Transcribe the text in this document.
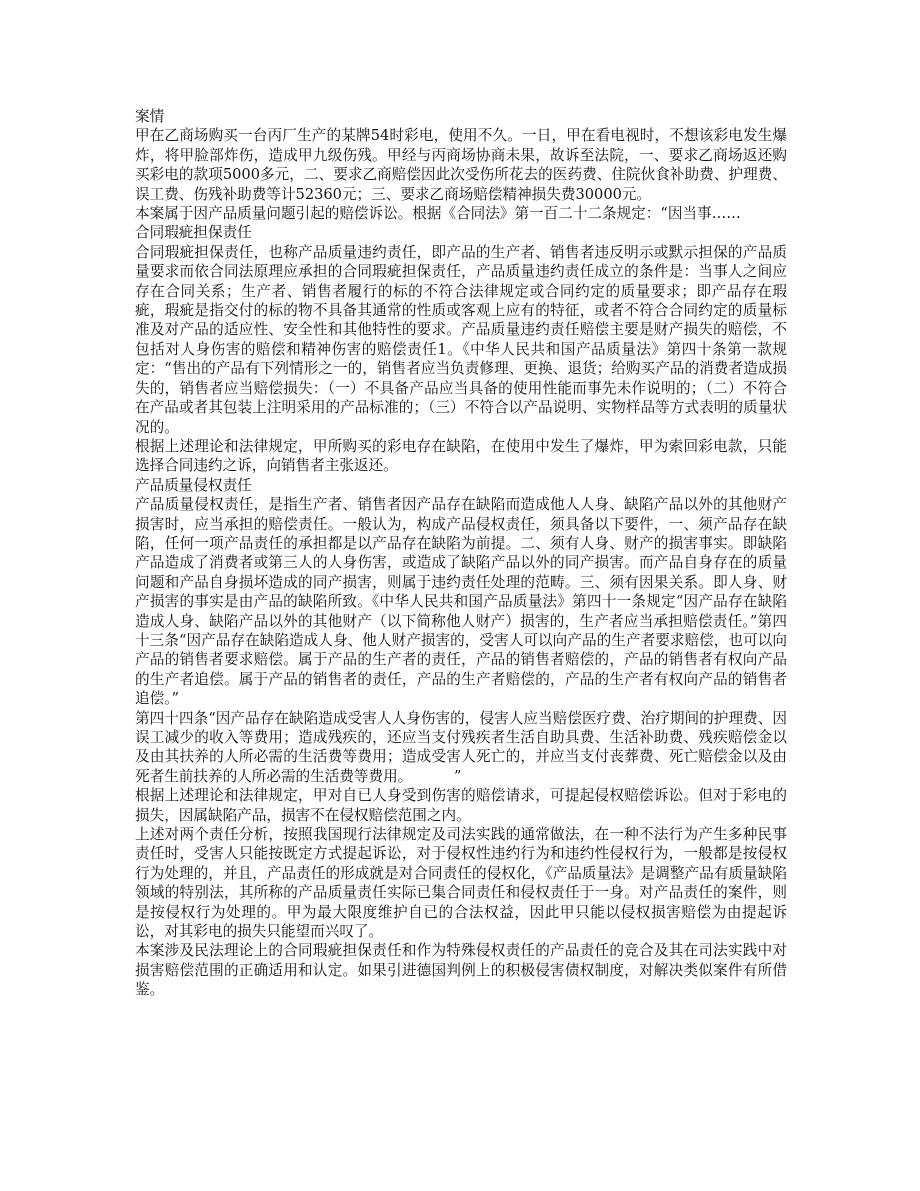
案情

甲在乙商场购买一台丙厂生产的某牌54时彩电，使用不久。一日，甲在看电视时，不想该彩电发生爆炸，将甲脸部炸伤，造成甲九级伤残。甲经与丙商场协商未果，故诉至法院，一、要求乙商场返还购买彩电的款项5000多元，二、要求乙商赔偿因此次受伤所花去的医药费、住院伙食补助费、护理费、误工费、伤残补助费等计52360元；三、要求乙商场赔偿精神损失费30000元。

本案属于因产品质量问题引起的赔偿诉讼。根据《合同法》第一百二十二条规定：“因当事……

合同瑕疵担保责任

合同瑕疵担保责任，也称产品质量违约责任，即产品的生产者、销售者违反明示或默示担保的产品质量要求而依合同法原理应承担的合同瑕疵担保责任，产品质量违约责任成立的条件是：当事人之间应存在合同关系；生产者、销售者履行的标的不符合法律规定或合同约定的质量要求；即产品存在瑕疵，瑕疵是指交付的标的物不具备其通常的性质或客观上应有的特征，或者不符合合同约定的质量标准及对产品的适应性、安全性和其他特性的要求。产品质量违约责任赔偿主要是财产损失的赔偿，不包括对人身伤害的赔偿和精神伤害的赔偿责任1。《中华人民共和国产品质量法》第四十条第一款规定：“售出的产品有下列情形之一的，销售者应当负责修理、更换、退货；给购买产品的消费者造成损失的，销售者应当赔偿损失：（一）不具备产品应当具备的使用性能而事先未作说明的；（二）不符合在产品或者其包装上注明采用的产品标准的；（三）不符合以产品说明、实物样品等方式表明的质量状况的。

根据上述理论和法律规定，甲所购买的彩电存在缺陷，在使用中发生了爆炸，甲为索回彩电款，只能选择合同违约之诉，向销售者主张返还。

产品质量侵权责任

产品质量侵权责任，是指生产者、销售者因产品存在缺陷而造成他人人身、缺陷产品以外的其他财产损害时，应当承担的赔偿责任。一般认为，构成产品侵权责任，须具备以下要件，一、须产品存在缺陷，任何一项产品责任的承担都是以产品存在缺陷为前提。二、须有人身、财产的损害事实。即缺陷产品造成了消费者或第三人的人身伤害，或造成了缺陷产品以外的同产损害。而产品自身存在的质量问题和产品自身损坏造成的同产损害，则属于违约责任处理的范畴。三、须有因果关系。即人身、财产损害的事实是由产品的缺陷所致。《中华人民共和国产品质量法》第四十一条规定“因产品存在缺陷造成人身、缺陷产品以外的其他财产（以下简称他人财产）损害的，生产者应当承担赔偿责任。”第四十三条“因产品存在缺陷造成人身、他人财产损害的，受害人可以向产品的生产者要求赔偿，也可以向产品的销售者要求赔偿。属于产品的生产者的责任，产品的销售者赔偿的，产品的销售者有权向产品的生产者追偿。属于产品的销售者的责任，产品的生产者赔偿的，产品的生产者有权向产品的销售者追偿。”

第四十四条“因产品存在缺陷造成受害人人身伤害的，侵害人应当赔偿医疗费、治疗期间的护理费、因误工减少的收入等费用；造成残疾的，还应当支付残疾者生活自助具费、生活补助费、残疾赔偿金以及由其扶养的人所必需的生活费等费用；造成受害人死亡的，并应当支付丧葬费、死亡赔偿金以及由死者生前扶养的人所必需的生活费等费用。         ”

根据上述理论和法律规定，甲对自已人身受到伤害的赔偿请求，可提起侵权赔偿诉讼。但对于彩电的损失，因属缺陷产品，损害不在侵权赔偿范围之内。

上述对两个责任分析，按照我国现行法律规定及司法实践的通常做法，在一种不法行为产生多种民事责任时，受害人只能按既定方式提起诉讼，对于侵权性违约行为和违约性侵权行为，一般都是按侵权行为处理的，并且，产品责任的形成就是对合同责任的侵权化，《产品质量法》是调整产品有质量缺陷领域的特别法，其所称的产品质量责任实际已集合同责任和侵权责任于一身。对产品责任的案件，则是按侵权行为处理的。甲为最大限度维护自已的合法权益，因此甲只能以侵权损害赔偿为由提起诉讼，对其彩电的损失只能望而兴叹了。

本案涉及民法理论上的合同瑕疵担保责任和作为特殊侵权责任的产品责任的竞合及其在司法实践中对损害赔偿范围的正确适用和认定。如果引进德国判例上的积极侵害债权制度，对解决类似案件有所借鉴。
